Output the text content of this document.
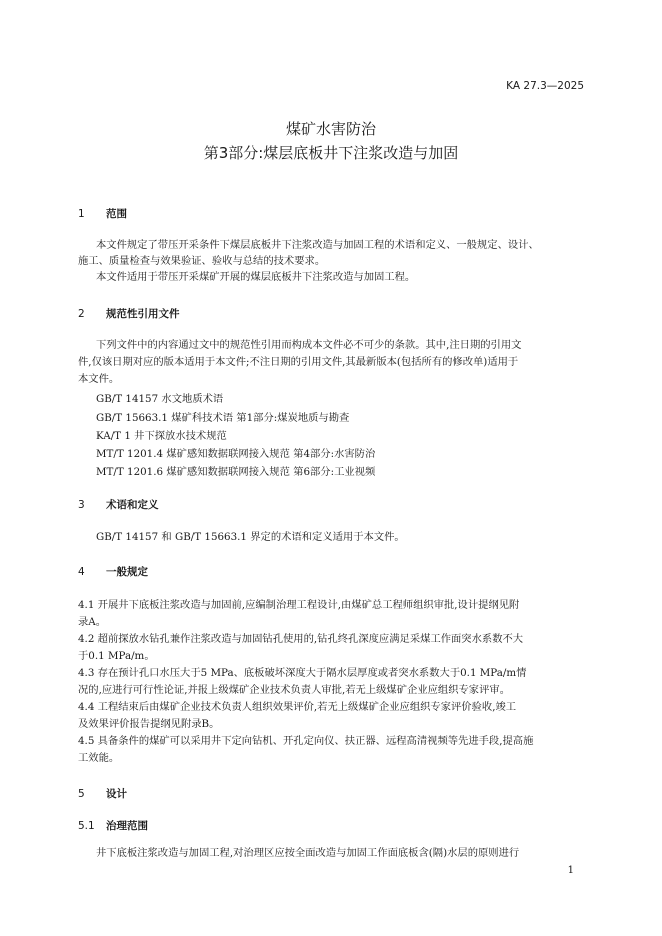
KA 27.3—2025
煤矿水害防治
第3部分:煤层底板井下注浆改造与加固
1 范围
本文件规定了带压开采条件下煤层底板井下注浆改造与加固工程的术语和定义、一般规定、设计、
施工、质量检查与效果验证、验收与总结的技术要求。
本文件适用于带压开采煤矿开展的煤层底板井下注浆改造与加固工程。
2 规范性引用文件
下列文件中的内容通过文中的规范性引用而构成本文件必不可少的条款。其中,注日期的引用文
件,仅该日期对应的版本适用于本文件;不注日期的引用文件,其最新版本(包括所有的修改单)适用于
本文件。
GB/T 14157 水文地质术语
GB/T 15663.1 煤矿科技术语 第1部分:煤炭地质与勘查
KA/T 1 井下探放水技术规范
MT/T 1201.4 煤矿感知数据联网接入规范 第4部分:水害防治
MT/T 1201.6 煤矿感知数据联网接入规范 第6部分:工业视频
3 术语和定义
GB/T 14157 和 GB/T 15663.1 界定的术语和定义适用于本文件。
4 一般规定
4.1 开展井下底板注浆改造与加固前,应编制治理工程设计,由煤矿总工程师组织审批,设计提纲见附
录A。
4.2 超前探放水钻孔兼作注浆改造与加固钻孔使用的,钻孔终孔深度应满足采煤工作面突水系数不大
于0.1 MPa/m。
4.3 存在预计孔口水压大于5 MPa、底板破坏深度大于隔水层厚度或者突水系数大于0.1 MPa/m情
况的,应进行可行性论证,并报上级煤矿企业技术负责人审批,若无上级煤矿企业应组织专家评审。
4.4 工程结束后由煤矿企业技术负责人组织效果评价,若无上级煤矿企业应组织专家评价验收,竣工
及效果评价报告提纲见附录B。
4.5 具备条件的煤矿可以采用井下定向钻机、开孔定向仪、扶正器、远程高清视频等先进手段,提高施
工效能。
5 设计
5.1 治理范围
井下底板注浆改造与加固工程,对治理区应按全面改造与加固工作面底板含(隔)水层的原则进行
1
